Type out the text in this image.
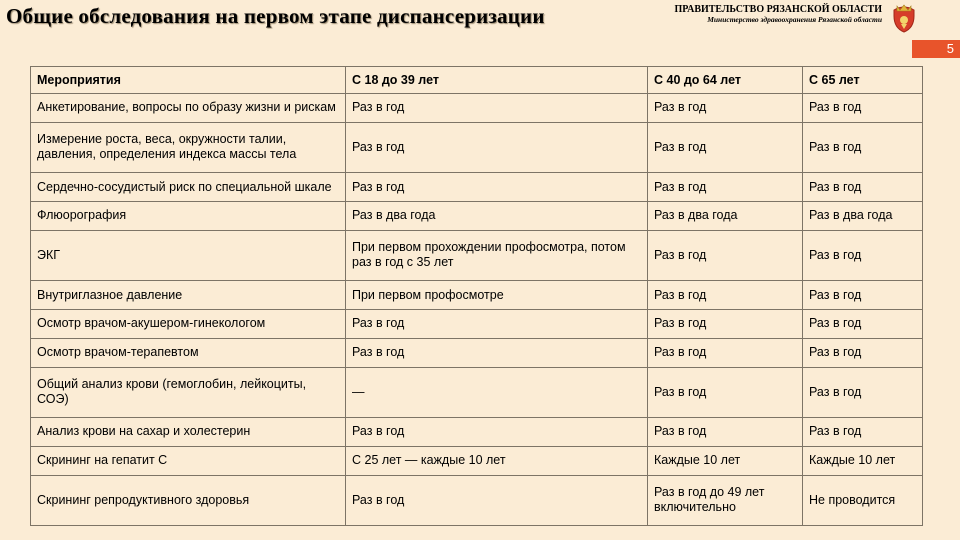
Общие обследования на первом этапе диспансеризации	ПРАВИТЕЛЬСТВО РЯЗАНСКОЙ ОБЛАСТИ
Министерство здравоохранения Рязанской области
5
Мероприятия	С 18 до 39 лет	С 40 до 64 лет	С 65 лет
Анкетирование, вопросы по образу жизни и рискам	Раз в год	Раз в год	Раз в год
Измерение роста, веса, окружности талии, давления, определения индекса массы тела	Раз в год	Раз в год	Раз в год
Сердечно-сосудистый риск по специальной шкале	Раз в год	Раз в год	Раз в год
Флюорография	Раз в два года	Раз в два года	Раз в два года
ЭКГ	При первом прохождении профосмотра, потом раз в год с 35 лет	Раз в год	Раз в год
Внутриглазное давление	При первом профосмотре	Раз в год	Раз в год
Осмотр врачом-акушером-гинекологом	Раз в год	Раз в год	Раз в год
Осмотр врачом-терапевтом	Раз в год	Раз в год	Раз в год
Общий анализ крови (гемоглобин, лейкоциты, СОЭ)	—	Раз в год	Раз в год
Анализ крови на сахар и холестерин	Раз в год	Раз в год	Раз в год
Скрининг на гепатит С	С 25 лет — каждые 10 лет	Каждые 10 лет	Каждые 10 лет
Скрининг репродуктивного здоровья	Раз в год	Раз в год до 49 лет включительно	Не проводится
